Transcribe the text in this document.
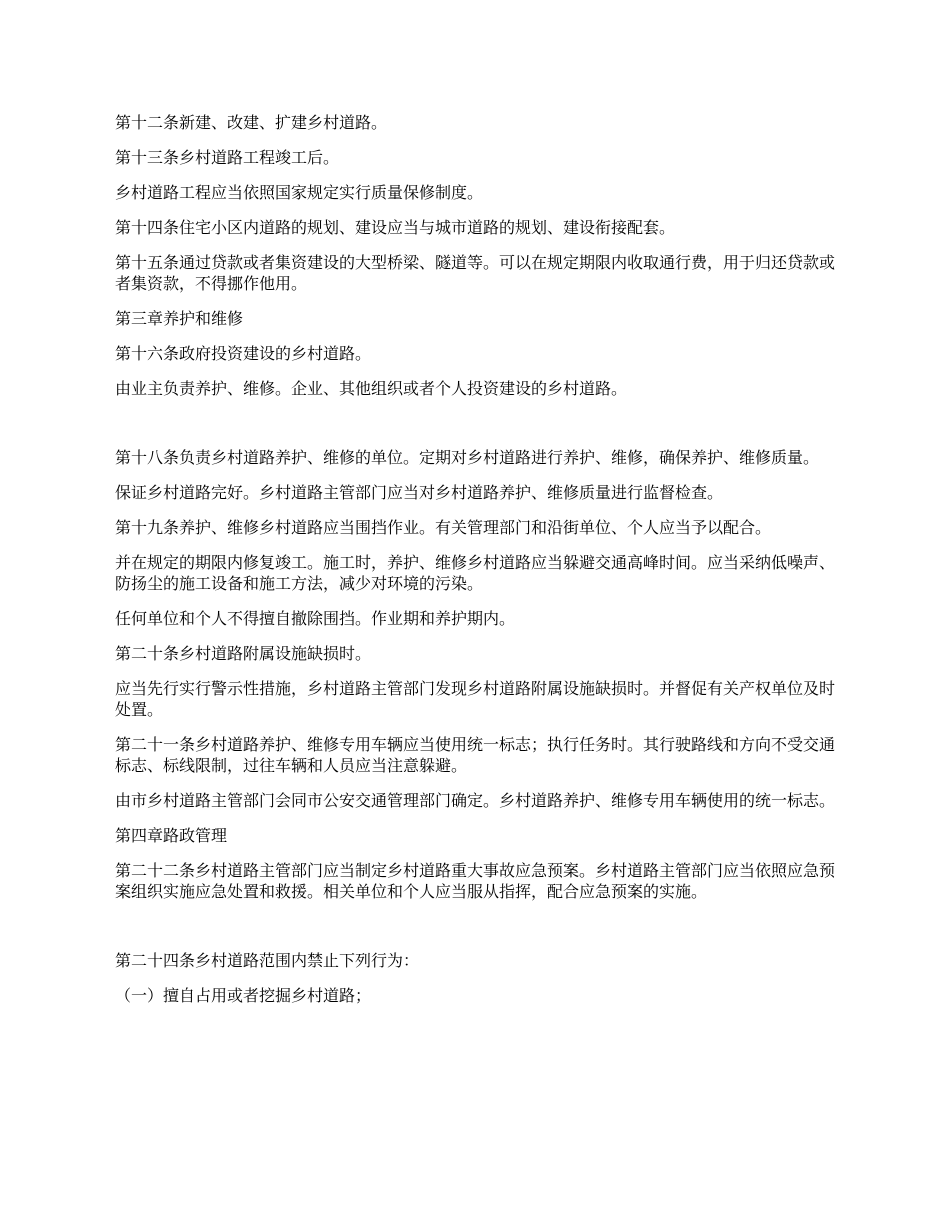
第十二条新建、改建、扩建乡村道路。

第十三条乡村道路工程竣工后。

乡村道路工程应当依照国家规定实行质量保修制度。

第十四条住宅小区内道路的规划、建设应当与城市道路的规划、建设衔接配套。

第十五条通过贷款或者集资建设的大型桥梁、隧道等。可以在规定期限内收取通行费，用于归还贷款或者集资款，不得挪作他用。

第三章养护和维修

第十六条政府投资建设的乡村道路。

由业主负责养护、维修。企业、其他组织或者个人投资建设的乡村道路。

第十八条负责乡村道路养护、维修的单位。定期对乡村道路进行养护、维修，确保养护、维修质量。

保证乡村道路完好。乡村道路主管部门应当对乡村道路养护、维修质量进行监督检查。

第十九条养护、维修乡村道路应当围挡作业。有关管理部门和沿街单位、个人应当予以配合。

并在规定的期限内修复竣工。施工时，养护、维修乡村道路应当躲避交通高峰时间。应当采纳低噪声、防扬尘的施工设备和施工方法，减少对环境的污染。

任何单位和个人不得擅自撤除围挡。作业期和养护期内。

第二十条乡村道路附属设施缺损时。

应当先行实行警示性措施，乡村道路主管部门发现乡村道路附属设施缺损时。并督促有关产权单位及时处置。

第二十一条乡村道路养护、维修专用车辆应当使用统一标志；执行任务时。其行驶路线和方向不受交通标志、标线限制，过往车辆和人员应当注意躲避。

由市乡村道路主管部门会同市公安交通管理部门确定。乡村道路养护、维修专用车辆使用的统一标志。

第四章路政管理

第二十二条乡村道路主管部门应当制定乡村道路重大事故应急预案。乡村道路主管部门应当依照应急预案组织实施应急处置和救援。相关单位和个人应当服从指挥，配合应急预案的实施。

第二十四条乡村道路范围内禁止下列行为：

（一）擅自占用或者挖掘乡村道路；
